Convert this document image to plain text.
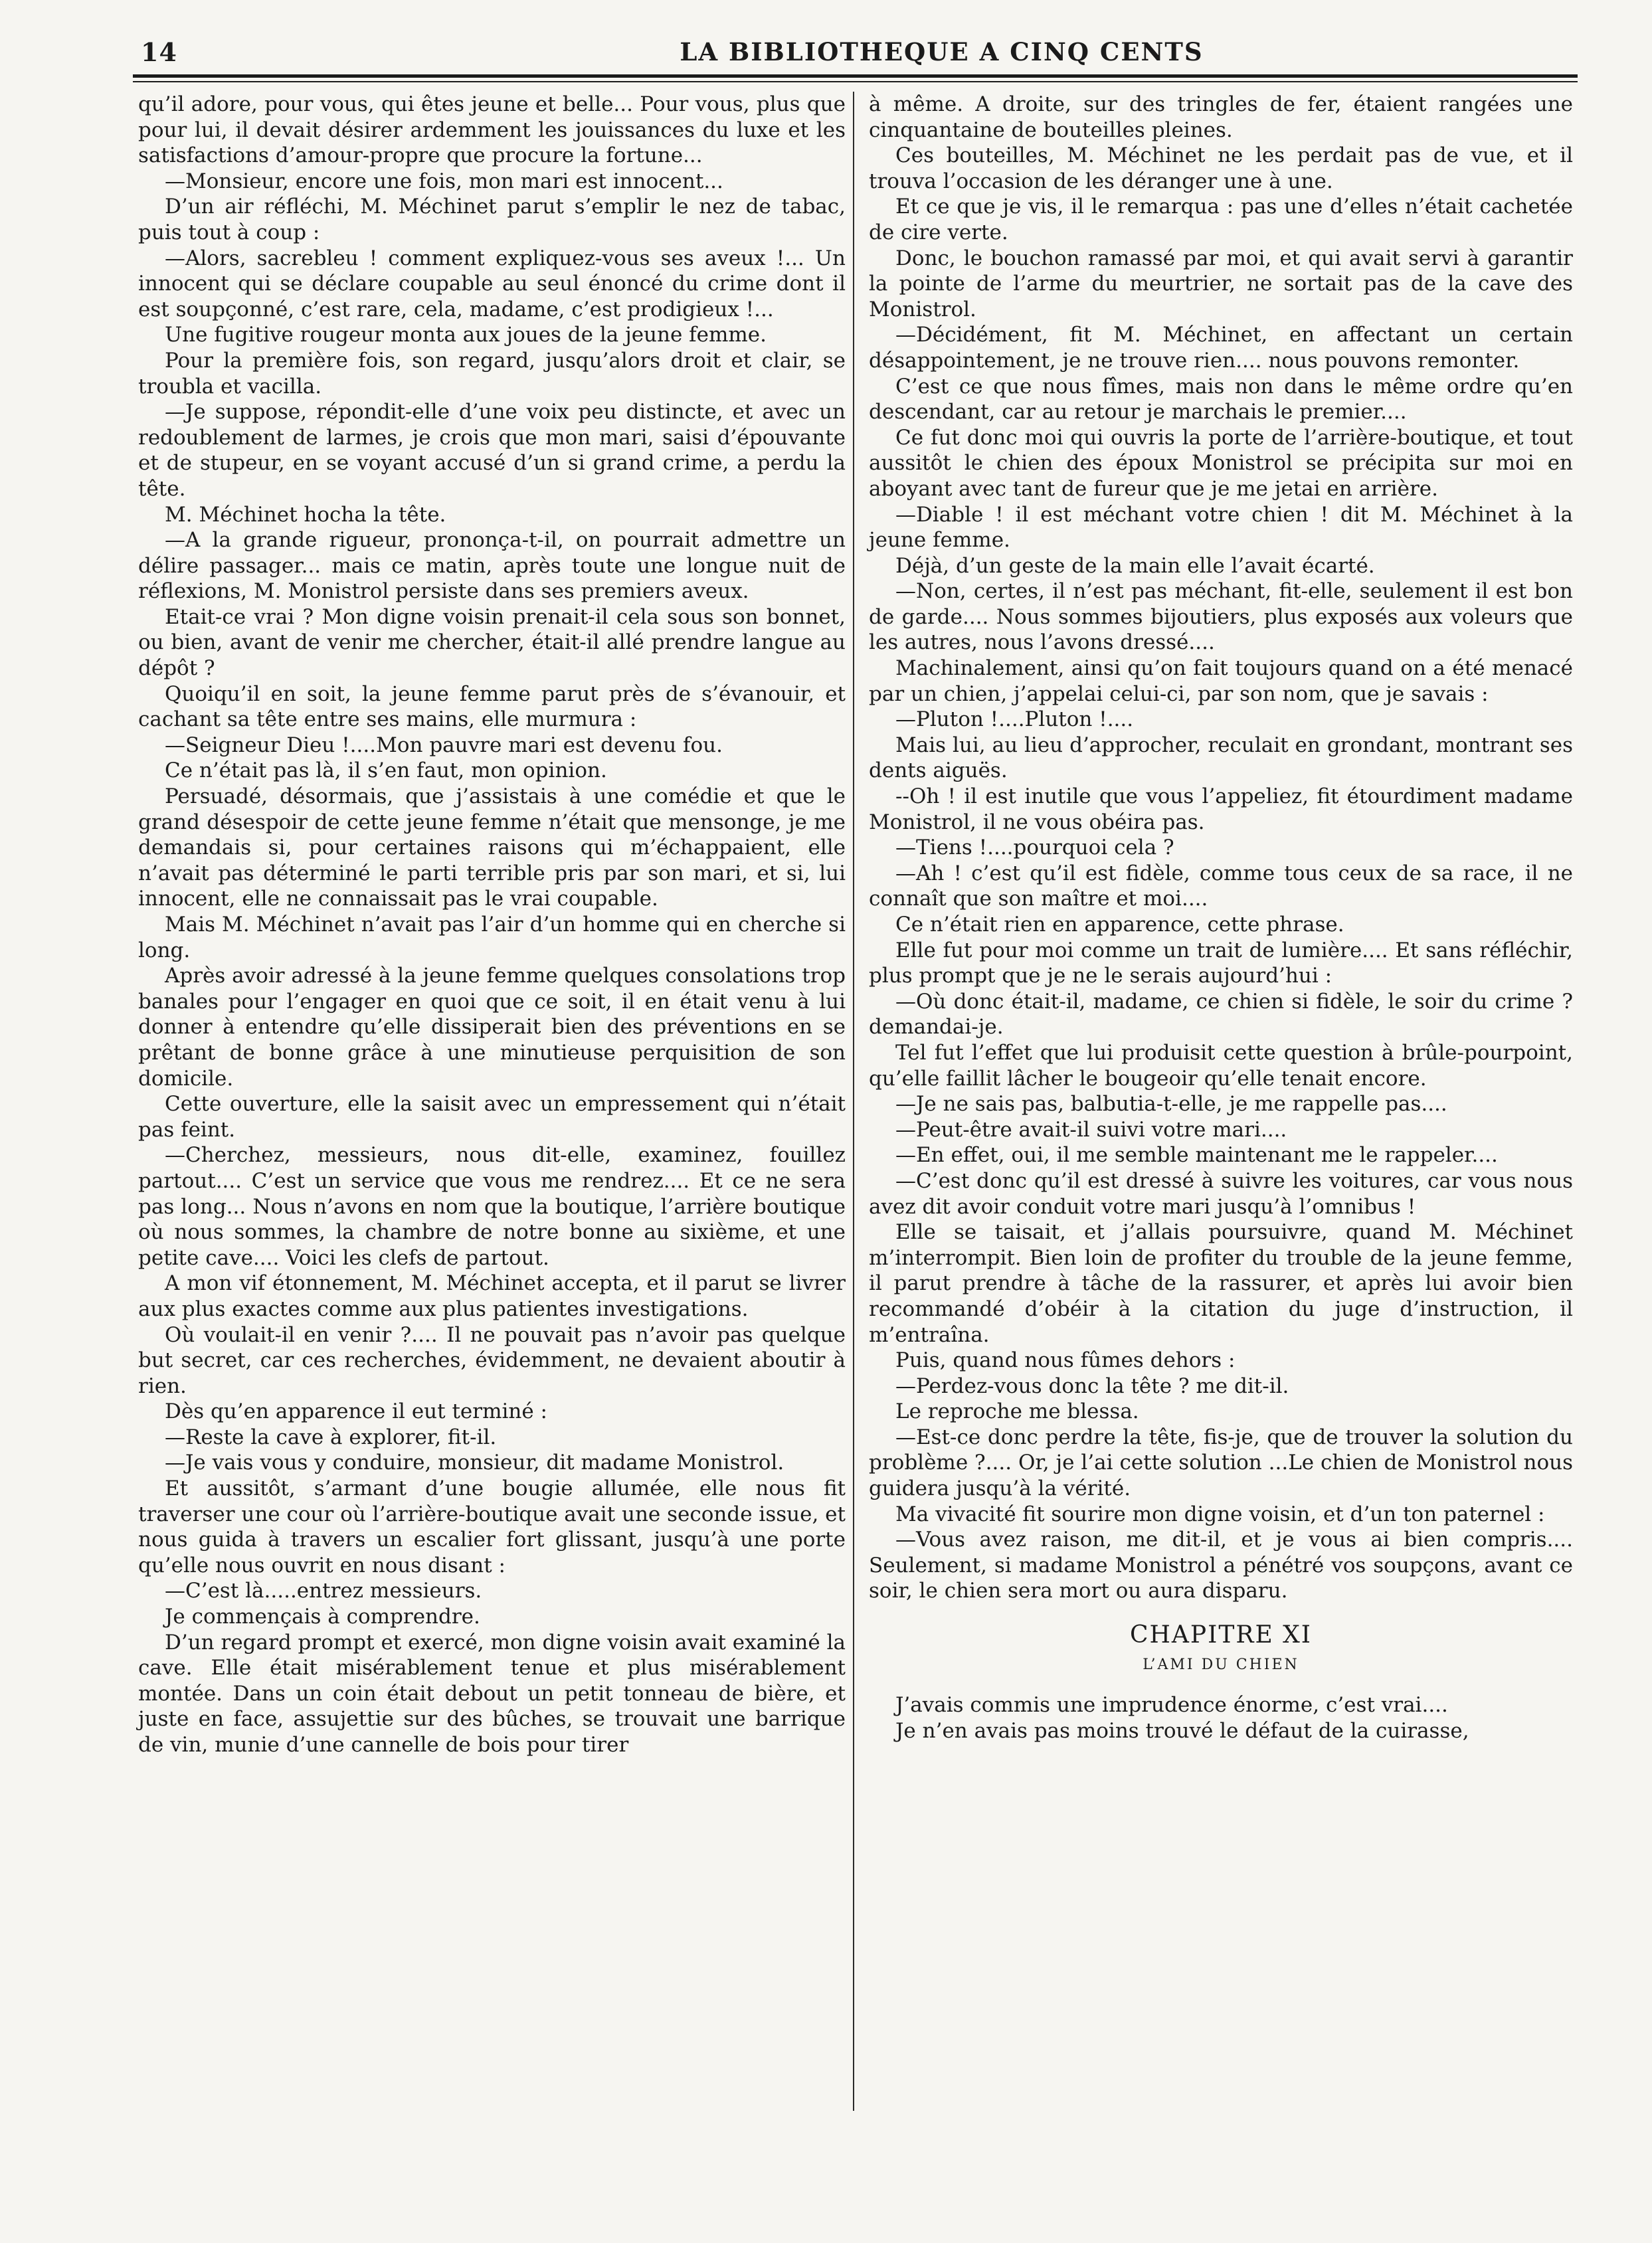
14	LA BIBLIOTHEQUE A CINQ CENTS

qu’il adore, pour vous, qui êtes jeune et belle... Pour vous, plus que pour lui, il devait désirer ardemment les jouissances du luxe et les satisfactions d’amour-propre que procure la fortune...

—Monsieur, encore une fois, mon mari est innocent...

D’un air réfléchi, M. Méchinet parut s’emplir le nez de tabac, puis tout à coup :

—Alors, sacrebleu ! comment expliquez-vous ses aveux !... Un innocent qui se déclare coupable au seul énoncé du crime dont il est soupçonné, c’est rare, cela, madame, c’est prodigieux !...

Une fugitive rougeur monta aux joues de la jeune femme.

Pour la première fois, son regard, jusqu’alors droit et clair, se troubla et vacilla.

—Je suppose, répondit-elle d’une voix peu distincte, et avec un redoublement de larmes, je crois que mon mari, saisi d’épouvante et de stupeur, en se voyant accusé d’un si grand crime, a perdu la tête.

M. Méchinet hocha la tête.

—A la grande rigueur, prononça-t-il, on pourrait admettre un délire passager... mais ce matin, après toute une longue nuit de réflexions, M. Monistrol persiste dans ses premiers aveux.

Etait-ce vrai ? Mon digne voisin prenait-il cela sous son bonnet, ou bien, avant de venir me chercher, était-il allé prendre langue au dépôt ?

Quoiqu’il en soit, la jeune femme parut près de s’évanouir, et cachant sa tête entre ses mains, elle murmura :

—Seigneur Dieu !....Mon pauvre mari est devenu fou.

Ce n’était pas là, il s’en faut, mon opinion.

Persuadé, désormais, que j’assistais à une comédie et que le grand désespoir de cette jeune femme n’était que mensonge, je me demandais si, pour certaines raisons qui m’échappaient, elle n’avait pas déterminé le parti terrible pris par son mari, et si, lui innocent, elle ne connaissait pas le vrai coupable.

Mais M. Méchinet n’avait pas l’air d’un homme qui en cherche si long.

Après avoir adressé à la jeune femme quelques consolations trop banales pour l’engager en quoi que ce soit, il en était venu à lui donner à entendre qu’elle dissiperait bien des préventions en se prêtant de bonne grâce à une minutieuse perquisition de son domicile.

Cette ouverture, elle la saisit avec un empressement qui n’était pas feint.

—Cherchez, messieurs, nous dit-elle, examinez, fouillez partout.... C’est un service que vous me rendrez.... Et ce ne sera pas long... Nous n’avons en nom que la boutique, l’arrière boutique où nous sommes, la chambre de notre bonne au sixième, et une petite cave.... Voici les clefs de partout.

A mon vif étonnement, M. Méchinet accepta, et il parut se livrer aux plus exactes comme aux plus patientes investigations.

Où voulait-il en venir ?.... Il ne pouvait pas n’avoir pas quelque but secret, car ces recherches, évidemment, ne devaient aboutir à rien.

Dès qu’en apparence il eut terminé :

—Reste la cave à explorer, fit-il.

—Je vais vous y conduire, monsieur, dit madame Monistrol.

Et aussitôt, s’armant d’une bougie allumée, elle nous fit traverser une cour où l’arrière-boutique avait une seconde issue, et nous guida à travers un escalier fort glissant, jusqu’à une porte qu’elle nous ouvrit en nous disant :

—C’est là.....entrez messieurs.

Je commençais à comprendre.

D’un regard prompt et exercé, mon digne voisin avait examiné la cave. Elle était misérablement tenue et plus misérablement montée. Dans un coin était debout un petit tonneau de bière, et juste en face, assujettie sur des bûches, se trouvait une barrique de vin, munie d’une cannelle de bois pour tirer

à même. A droite, sur des tringles de fer, étaient rangées une cinquantaine de bouteilles pleines.

Ces bouteilles, M. Méchinet ne les perdait pas de vue, et il trouva l’occasion de les déranger une à une.

Et ce que je vis, il le remarqua : pas une d’elles n’était cachetée de cire verte.

Donc, le bouchon ramassé par moi, et qui avait servi à garantir la pointe de l’arme du meurtrier, ne sortait pas de la cave des Monistrol.

—Décidément, fit M. Méchinet, en affectant un certain désappointement, je ne trouve rien.... nous pouvons remonter.

C’est ce que nous fîmes, mais non dans le même ordre qu’en descendant, car au retour je marchais le premier....

Ce fut donc moi qui ouvris la porte de l’arrière-boutique, et tout aussitôt le chien des époux Monistrol se précipita sur moi en aboyant avec tant de fureur que je me jetai en arrière.

—Diable ! il est méchant votre chien ! dit M. Méchinet à la jeune femme.

Déjà, d’un geste de la main elle l’avait écarté.

—Non, certes, il n’est pas méchant, fit-elle, seulement il est bon de garde.... Nous sommes bijoutiers, plus exposés aux voleurs que les autres, nous l’avons dressé....

Machinalement, ainsi qu’on fait toujours quand on a été menacé par un chien, j’appelai celui-ci, par son nom, que je savais :

—Pluton !....Pluton !....

Mais lui, au lieu d’approcher, reculait en grondant, montrant ses dents aiguës.

--Oh ! il est inutile que vous l’appeliez, fit étourdiment madame Monistrol, il ne vous obéira pas.

—Tiens !....pourquoi cela ?

—Ah ! c’est qu’il est fidèle, comme tous ceux de sa race, il ne connaît que son maître et moi....

Ce n’était rien en apparence, cette phrase.

Elle fut pour moi comme un trait de lumière.... Et sans réfléchir, plus prompt que je ne le serais aujourd’hui :

—Où donc était-il, madame, ce chien si fidèle, le soir du crime ? demandai-je.

Tel fut l’effet que lui produisit cette question à brûle-pourpoint, qu’elle faillit lâcher le bougeoir qu’elle tenait encore.

—Je ne sais pas, balbutia-t-elle, je me rappelle pas....

—Peut-être avait-il suivi votre mari....

—En effet, oui, il me semble maintenant me le rappeler....

—C’est donc qu’il est dressé à suivre les voitures, car vous nous avez dit avoir conduit votre mari jusqu’à l’omnibus !

Elle se taisait, et j’allais poursuivre, quand M. Méchinet m’interrompit. Bien loin de profiter du trouble de la jeune femme, il parut prendre à tâche de la rassurer, et après lui avoir bien recommandé d’obéir à la citation du juge d’instruction, il m’entraîna.

Puis, quand nous fûmes dehors :

—Perdez-vous donc la tête ? me dit-il.

Le reproche me blessa.

—Est-ce donc perdre la tête, fis-je, que de trouver la solution du problème ?.... Or, je l’ai cette solution ...Le chien de Monistrol nous guidera jusqu’à la vérité.

Ma vivacité fit sourire mon digne voisin, et d’un ton paternel :

—Vous avez raison, me dit-il, et je vous ai bien compris.... Seulement, si madame Monistrol a pénétré vos soupçons, avant ce soir, le chien sera mort ou aura disparu.

CHAPITRE XI
L’AMI DU CHIEN

J’avais commis une imprudence énorme, c’est vrai....

Je n’en avais pas moins trouvé le défaut de la cuirasse,
